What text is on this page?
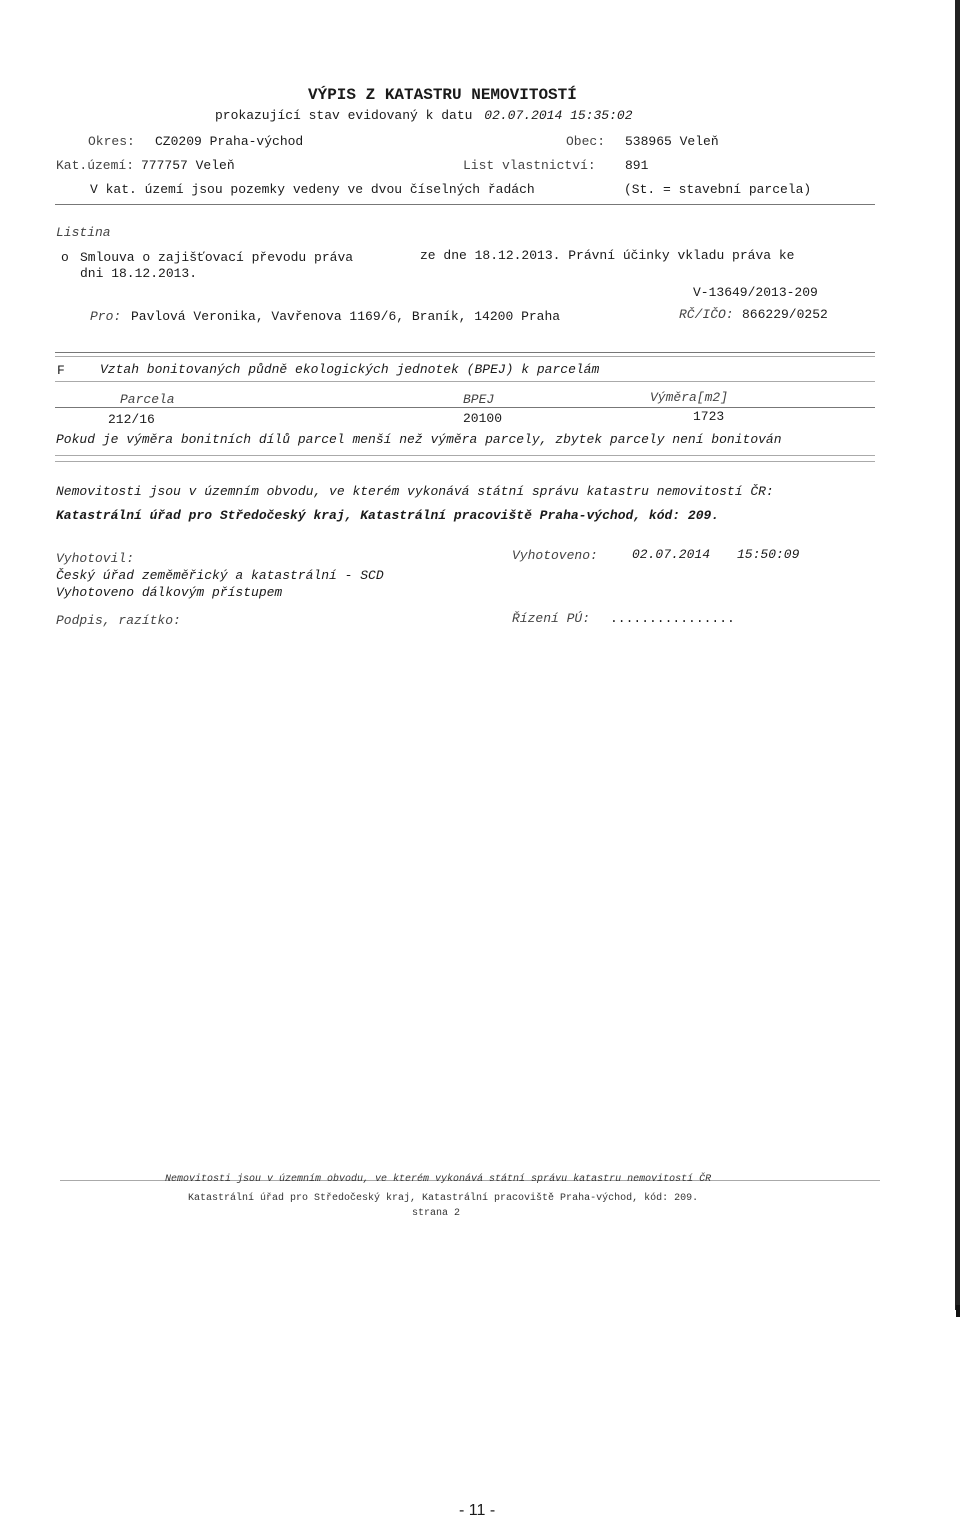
VÝPIS Z KATASTRU NEMOVITOSTÍ
prokazující stav evidovaný k datu 02.07.2014 15:35:02
Okres: CZ0209 Praha-východ	Obec: 538965 Veleň
Kat.území: 777757 Veleň	List vlastnictví: 891
V kat. území jsou pozemky vedeny ve dvou číselných řadách	(St. = stavební parcela)
Listina
o Smlouva o zajišťovací převodu práva	ze dne 18.12.2013. Právní účinky vkladu práva ke
dni 18.12.2013.
V-13649/2013-209
Pro: Pavlová Veronika, Vavřenova 1169/6, Braník, 14200 Praha	RČ/IČO: 866229/0252
F	Vztah bonitovaných půdně ekologických jednotek (BPEJ) k parcelám
Parcela	BPEJ	Výměra[m2]
212/16	20100	1723
Pokud je výměra bonitních dílů parcel menší než výměra parcely, zbytek parcely není bonitován
Nemovitosti jsou v územním obvodu, ve kterém vykonává státní správu katastru nemovitostí ČR:
Katastrální úřad pro Středočeský kraj, Katastrální pracoviště Praha-východ, kód: 209.
Vyhotovil:
Český úřad zeměměřický a katastrální - SCD
Vyhotoveno dálkovým přístupem
Podpis, razítko:
Vyhotoveno:	02.07.2014 15:50:09
Řízení PÚ: ................
Nemovitosti jsou v územním obvodu, ve kterém vykonává státní správu katastru nemovitostí ČR
Katastrální úřad pro Středočeský kraj, Katastrální pracoviště Praha-východ, kód: 209.
strana 2
- 11 -
